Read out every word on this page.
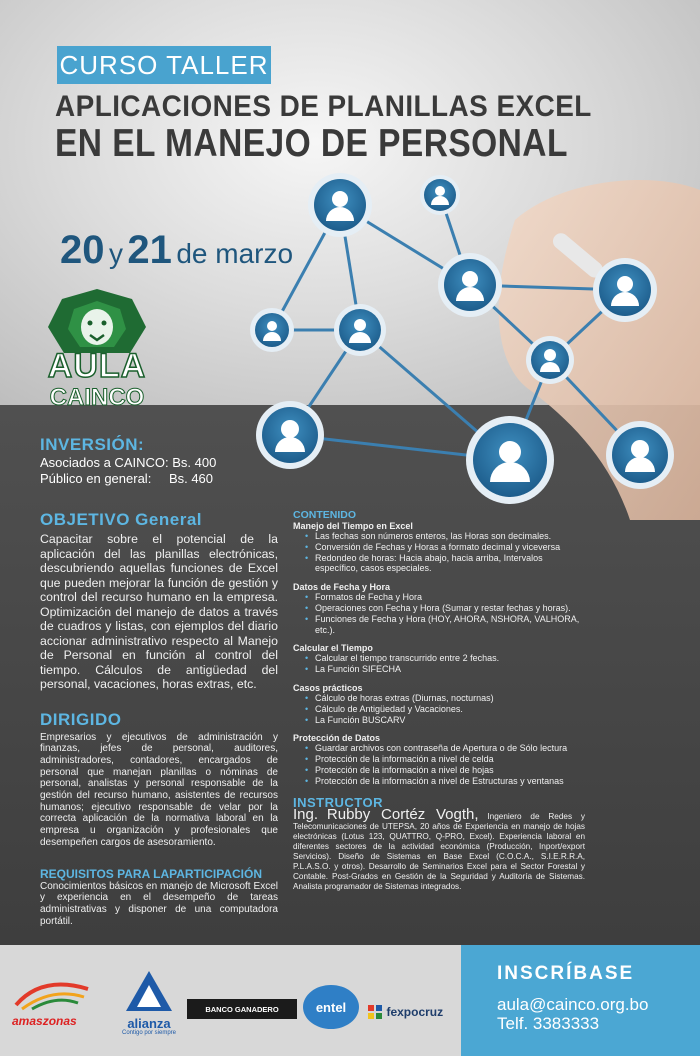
CURSO TALLER
APLICACIONES DE PLANILLAS EXCEL
EN EL MANEJO DE PERSONAL
20 y 21 de marzo
AULA
CAINCO
INVERSIÓN:
Asociados a CAINCO: Bs. 400
Público en general: Bs. 460
OBJETIVO General
Capacitar sobre el potencial de la aplicación del las planillas electrónicas, descubriendo aquellas funciones de Excel que pueden mejorar la función de gestión y control del recurso humano en la empresa. Optimización del manejo de datos a través de cuadros y listas, con ejemplos del diario accionar administrativo respecto al Manejo de Personal en función al control del tiempo. Cálculos de antigüedad del personal, vacaciones, horas extras, etc.
DIRIGIDO
Empresarios y ejecutivos de administración y finanzas, jefes de personal, auditores, administradores, contadores, encargados de personal que manejan planillas o nóminas de personal, analistas y personal responsable de la gestión del recurso humano, asistentes de recursos humanos; ejecutivo responsable de velar por la correcta aplicación de la normativa laboral en la empresa u organización y profesionales que desempeñen cargos de asesoramiento.
REQUISITOS PARA LAPARTICIPACIÓN
Conocimientos básicos en manejo de Microsoft Excel y experiencia en el desempeño de tareas administrativas y disponer de una computadora portátil.
CONTENIDO
Manejo del Tiempo en Excel
• Las fechas son números enteros, las Horas son decimales.
• Conversión de Fechas y Horas a formato decimal y viceversa
• Redondeo de horas: Hacia abajo, hacia arriba, Intervalos específico, casos especiales.
Datos de Fecha y Hora
• Formatos de Fecha y Hora
• Operaciones con Fecha y Hora (Sumar y restar fechas y horas).
• Funciones de Fecha y Hora (HOY, AHORA, NSHORA, VALHORA, etc.).
Calcular el Tiempo
• Calcular el tiempo transcurrido entre 2 fechas.
• La Función SIFECHA
Casos prácticos
• Cálculo de horas extras (Diurnas, nocturnas)
• Cálculo de Antigüedad y Vacaciones.
• La Función BUSCARV
Protección de Datos
• Guardar archivos con contraseña de Apertura o de Sólo lectura
• Protección de la información a nivel de celda
• Protección de la información a nivel de hojas
• Protección de la información a nivel de Estructuras y ventanas
INSTRUCTOR
Ing. Rubby Cortéz Vogth, Ingeniero de Redes y Telecomunicaciones de UTEPSA, 20 años de Experiencia en manejo de hojas electrónicas (Lotus 123, QUATTRO, Q-PRO, Excel). Experiencia laboral en diferentes sectores de la actividad económica (Producción, Inport/export Servicios). Diseño de Sistemas en Base Excel (C.O.C.A., S.I.E.R.R.A, P.L.A.S.O. y otros). Desarrollo de Seminarios Excel para el Sector Forestal y Contable. Post-Grados en Gestión de la Seguridad y Auditoría de Sistemas. Analista programador de Sistemas integrados.
amaszonas	alianza
Contigo por siempre
BANCO GANADERO	entel	fexpocruz
INSCRÍBASE
aula@cainco.org.bo
Telf. 3383333
